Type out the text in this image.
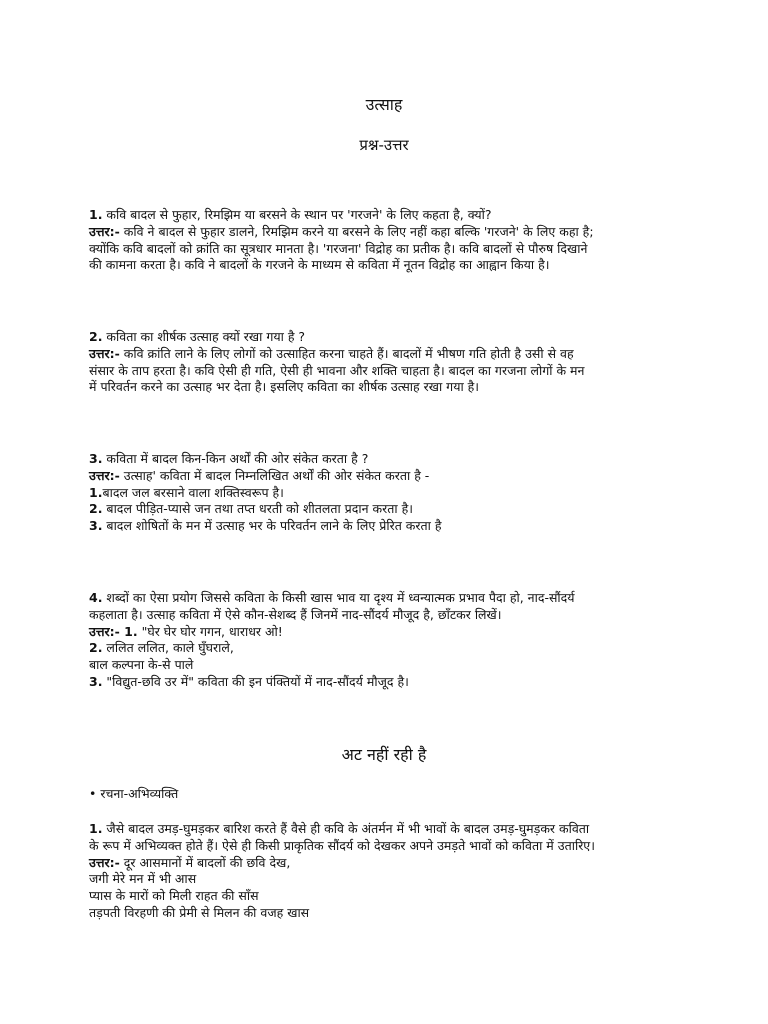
उत्साह
प्रश्न-उत्तर
1. कवि बादल से फुहार, रिमझिम या बरसने के स्थान पर 'गरजने' के लिए कहता है, क्यों?
उत्तर:- कवि ने बादल से फुहार डालने, रिमझिम करने या बरसने के लिए नहीं कहा बल्कि 'गरजने' के लिए कहा है;
क्योंकि कवि बादलों को क्रांति का सूत्रधार मानता है। 'गरजना' विद्रोह का प्रतीक है। कवि बादलों से पौरुष दिखाने
की कामना करता है। कवि ने बादलों के गरजने के माध्यम से कविता में नूतन विद्रोह का आह्वान किया है।
2. कविता का शीर्षक उत्साह क्यों रखा गया है ?
उत्तर:- कवि क्रांति लाने के लिए लोगों को उत्साहित करना चाहते हैं। बादलों में भीषण गति होती है उसी से वह
संसार के ताप हरता है। कवि ऐसी ही गति, ऐसी ही भावना और शक्ति चाहता है। बादल का गरजना लोगों के मन
में परिवर्तन करने का उत्साह भर देता है। इसलिए कविता का शीर्षक उत्साह रखा गया है।
3. कविता में बादल किन-किन अर्थों की ओर संकेत करता है ?
उत्तर:- उत्साह' कविता में बादल निम्नलिखित अर्थों की ओर संकेत करता है -
1.बादल जल बरसाने वाला शक्तिस्वरूप है।
2. बादल पीड़ित-प्यासे जन तथा तप्त धरती को शीतलता प्रदान करता है।
3. बादल शोषितों के मन में उत्साह भर के परिवर्तन लाने के लिए प्रेरित करता है
4. शब्दों का ऐसा प्रयोग जिससे कविता के किसी खास भाव या दृश्य में ध्वन्यात्मक प्रभाव पैदा हो, नाद-सौंदर्य
कहलाता है। उत्साह कविता में ऐसे कौन-सेशब्द हैं जिनमें नाद-सौंदर्य मौजूद है, छाँटकर लिखें।
उत्तर:- 1. "घेर घेर घोर गगन, धाराधर ओ!
2. ललित ललित, काले घुँघराले,
बाल कल्पना के-से पाले
3. "विद्युत-छवि उर में" कविता की इन पंक्तियों में नाद-सौंदर्य मौजूद है।
अट नहीं रही है
• रचना-अभिव्यक्ति
1. जैसे बादल उमड़-घुमड़कर बारिश करते हैं वैसे ही कवि के अंतर्मन में भी भावों के बादल उमड़-घुमड़कर कविता
के रूप में अभिव्यक्त होते हैं। ऐसे ही किसी प्राकृतिक सौंदर्य को देखकर अपने उमड़ते भावों को कविता में उतारिए।
उत्तर:- दूर आसमानों में बादलों की छवि देख,
जगी मेरे मन में भी आस
प्यास के मारों को मिली राहत की साँस
तड़पती विरहणी की प्रेमी से मिलन की वजह खास
